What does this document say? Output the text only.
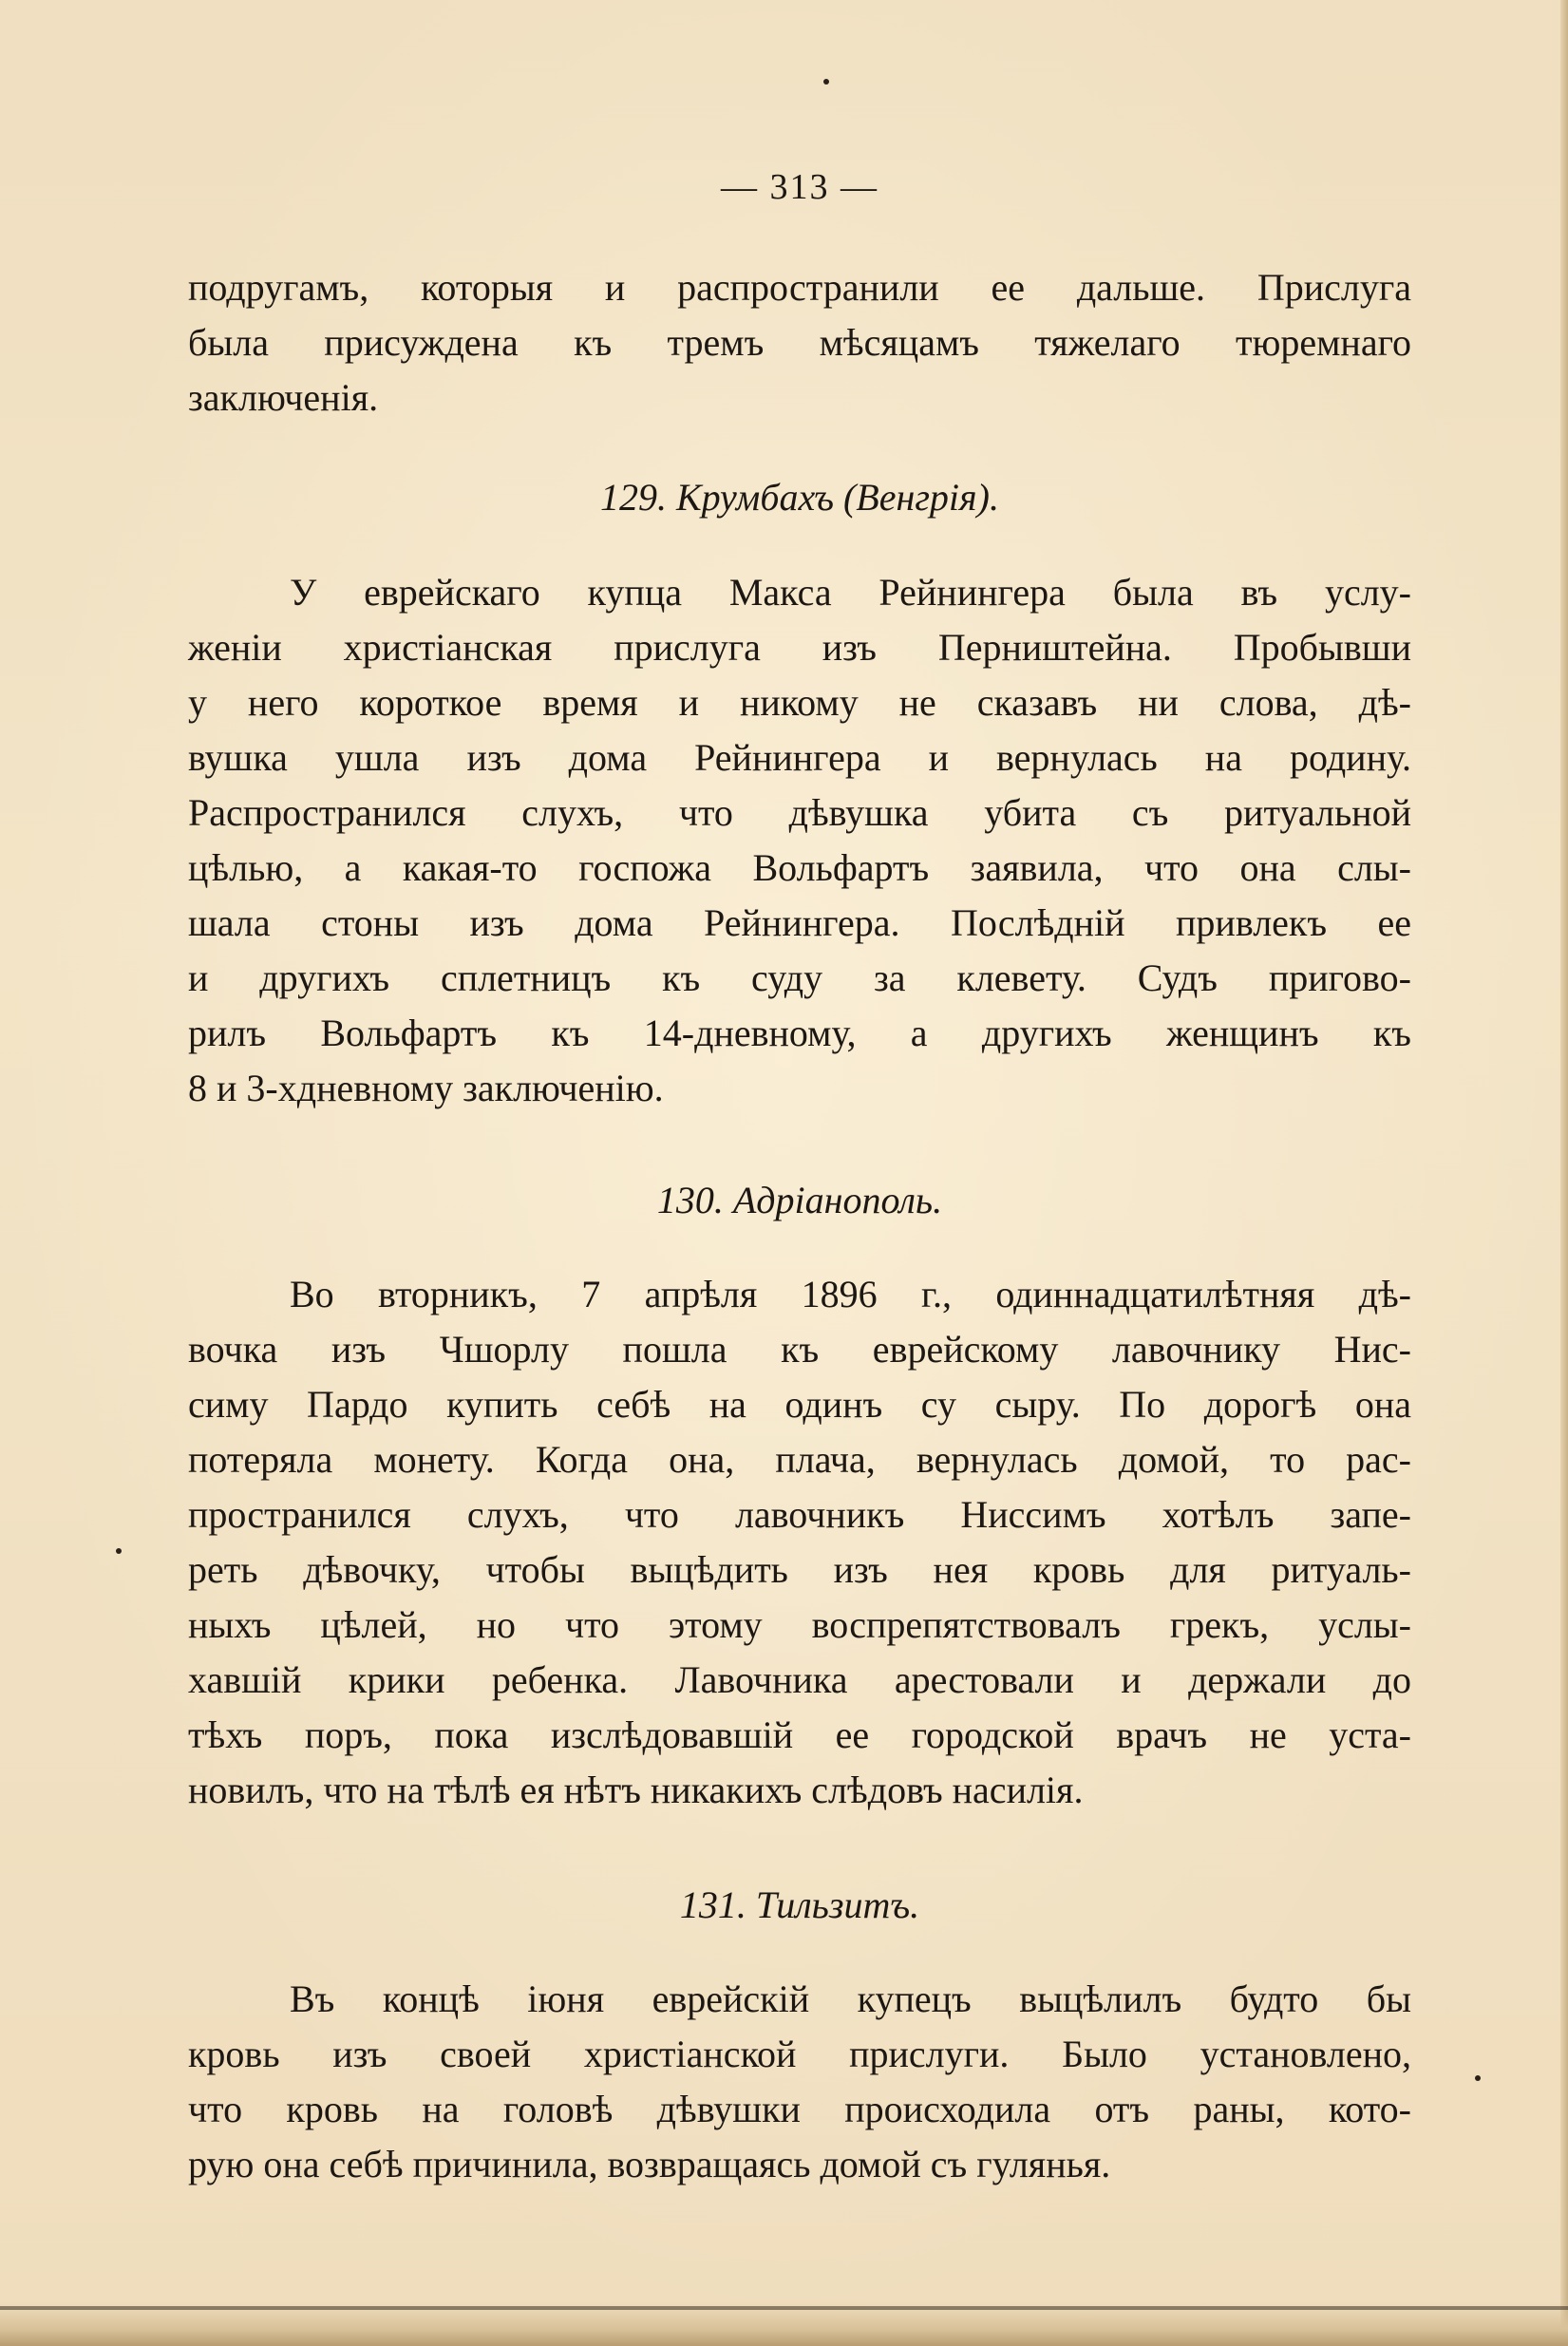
— 313 —
подругамъ, которыя и распространили ее дальше. Прислуга
была присуждена къ тремъ мѣсяцамъ тяжелаго тюремнаго
заключенія.
129. Крумбахъ (Венгрія).
У еврейскаго купца Макса Рейнингера была въ услу-
женіи христіанская прислуга изъ Перништейна. Пробывши
у него короткое время и никому не сказавъ ни слова, дѣ-
вушка ушла изъ дома Рейнингера и вернулась на родину.
Распространился слухъ, что дѣвушка убита съ ритуальной
цѣлью, а какая-то госпожа Вольфартъ заявила, что она слы-
шала стоны изъ дома Рейнингера. Послѣдній привлекъ ее
и другихъ сплетницъ къ суду за клевету. Судъ пригово-
рилъ Вольфартъ къ 14-дневному, а другихъ женщинъ къ
8 и 3-хдневному заключенію.
130. Адріанополь.
Во вторникъ, 7 апрѣля 1896 г., одиннадцатилѣтняя дѣ-
вочка изъ Чшорлу пошла къ еврейскому лавочнику Нис-
симу Пардо купить себѣ на одинъ су сыру. По дорогѣ она
потеряла монету. Когда она, плача, вернулась домой, то рас-
пространился слухъ, что лавочникъ Ниссимъ хотѣлъ запе-
реть дѣвочку, чтобы выцѣдить изъ нея кровь для ритуаль-
ныхъ цѣлей, но что этому воспрепятствовалъ грекъ, услы-
хавшій крики ребенка. Лавочника арестовали и держали до
тѣхъ поръ, пока изслѣдовавшій ее городской врачъ не уста-
новилъ, что на тѣлѣ ея нѣтъ никакихъ слѣдовъ насилія.
131. Тильзитъ.
Въ концѣ іюня еврейскій купецъ выцѣлилъ будто бы
кровь изъ своей христіанской прислуги. Было установлено,
что кровь на головѣ дѣвушки происходила отъ раны, кото-
рую она себѣ причинила, возвращаясь домой съ гулянья.
